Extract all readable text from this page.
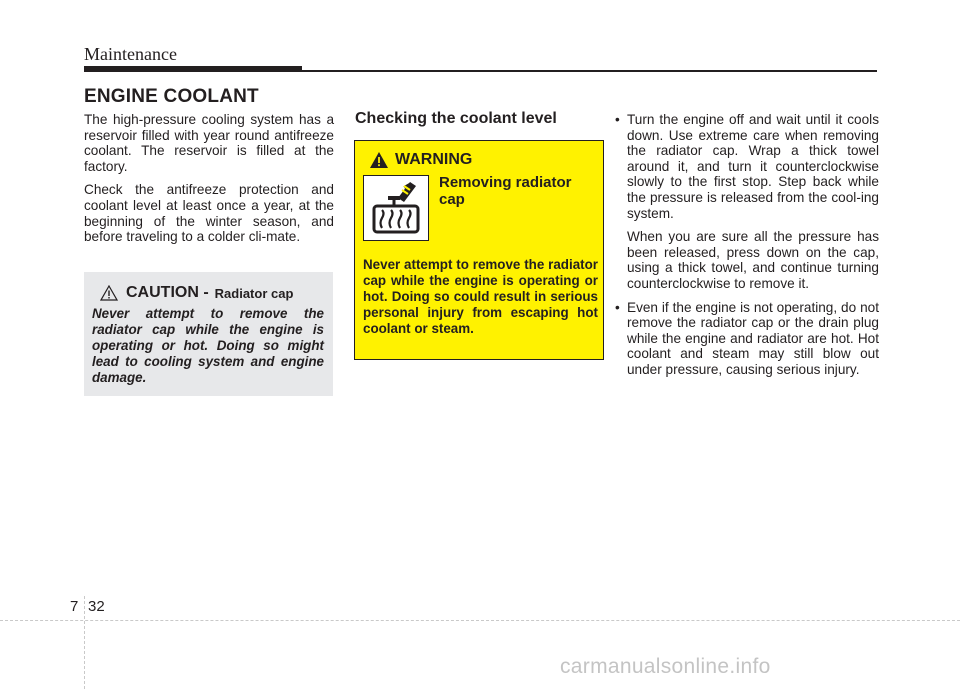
Maintenance
ENGINE COOLANT

The high-pressure cooling system has a reservoir filled with year round antifreeze coolant. The reservoir is filled at the factory.

Check the antifreeze protection and coolant level at least once a year, at the beginning of the winter season, and before traveling to a colder cli-mate.

CAUTION - Radiator cap
Never attempt to remove the radiator cap while the engine is operating or hot. Doing so might lead to cooling system and engine damage.
Checking the coolant level
WARNING
Removing radiator cap
Never attempt to remove the radiator cap while the engine is operating or hot. Doing so could result in serious personal injury from escaping hot coolant or steam.
• Turn the engine off and wait until it cools down. Use extreme care when removing the radiator cap. Wrap a thick towel around it, and turn it counterclockwise slowly to the first stop. Step back while the pressure is released from the cool-ing system.

When you are sure all the pressure has been released, press down on the cap, using a thick towel, and continue turning counterclockwise to remove it.

• Even if the engine is not operating, do not remove the radiator cap or the drain plug while the engine and radiator are hot. Hot coolant and steam may still blow out under pressure, causing serious injury.
7 32
carmanualsonline.info
